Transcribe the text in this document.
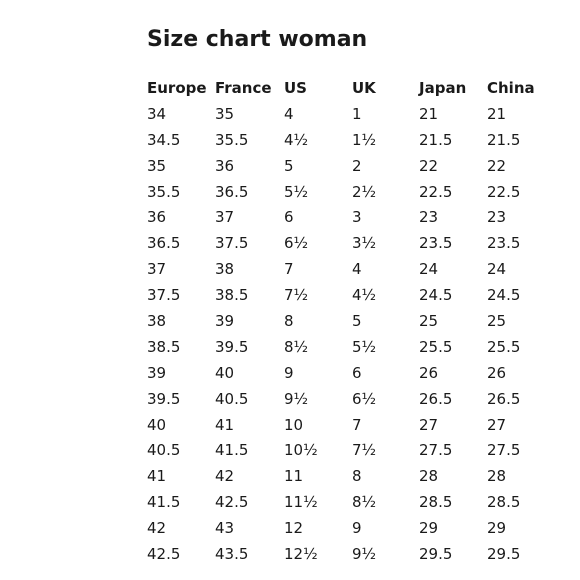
Size chart woman
Europe	France	US	UK	Japan	China
34	35	4	1	21	21
34.5	35.5	4½	1½	21.5	21.5
35	36	5	2	22	22
35.5	36.5	5½	2½	22.5	22.5
36	37	6	3	23	23
36.5	37.5	6½	3½	23.5	23.5
37	38	7	4	24	24
37.5	38.5	7½	4½	24.5	24.5
38	39	8	5	25	25
38.5	39.5	8½	5½	25.5	25.5
39	40	9	6	26	26
39.5	40.5	9½	6½	26.5	26.5
40	41	10	7	27	27
40.5	41.5	10½	7½	27.5	27.5
41	42	11	8	28	28
41.5	42.5	11½	8½	28.5	28.5
42	43	12	9	29	29
42.5	43.5	12½	9½	29.5	29.5
